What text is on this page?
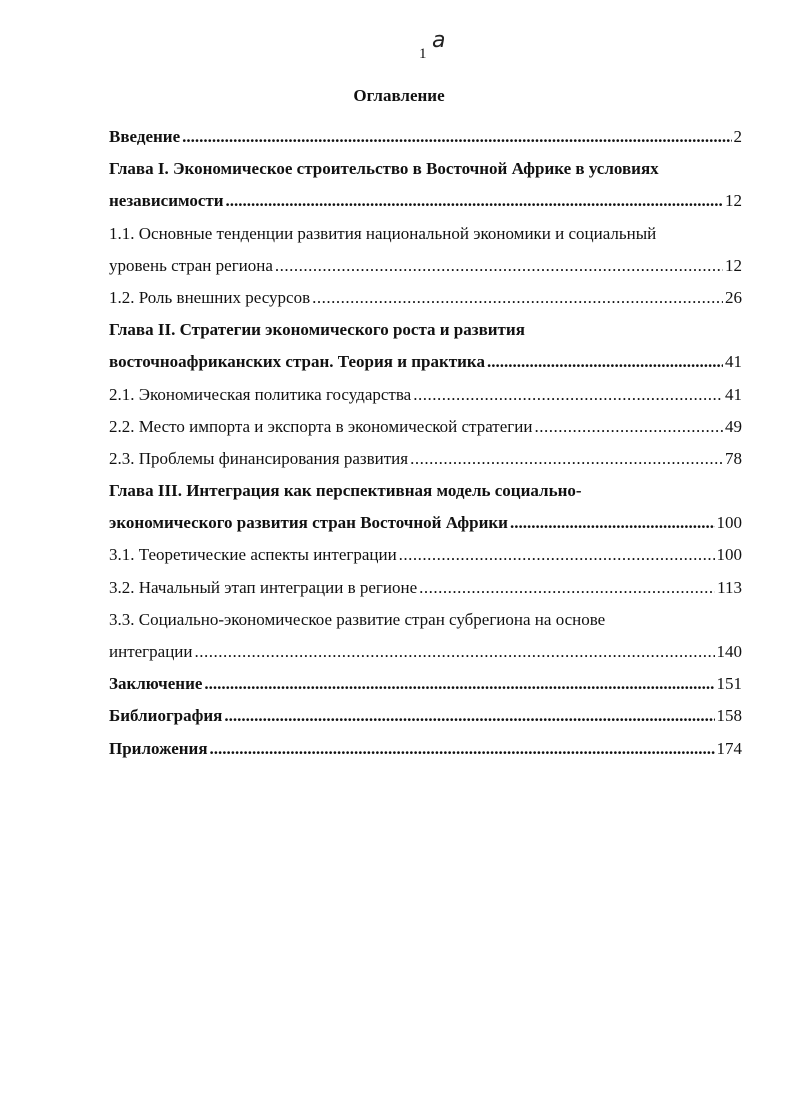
1
a
Оглавление
Введение .....	2
Глава I. Экономическое строительство в Восточной Африке в условиях
независимости .....	12
1.1. Основные тенденции развития национальной экономики и социальный
уровень стран региона .....	12
1.2. Роль внешних ресурсов .....	26
Глава II. Стратегии экономического роста и развития
восточноафриканских стран. Теория и практика .....	41
2.1. Экономическая политика государства .....	41
2.2. Место импорта и экспорта в экономической стратегии .....	49
2.3. Проблемы финансирования развития .....	78
Глава III. Интеграция как перспективная модель социально-
экономического развития стран Восточной Африки .....	100
3.1. Теоретические аспекты интеграции .....	100
3.2. Начальный этап интеграции в регионе .....	113
3.3. Социально-экономическое развитие стран субрегиона на основе
интеграции .....	140
Заключение .....	151
Библиография .....	158
Приложения .....	174
